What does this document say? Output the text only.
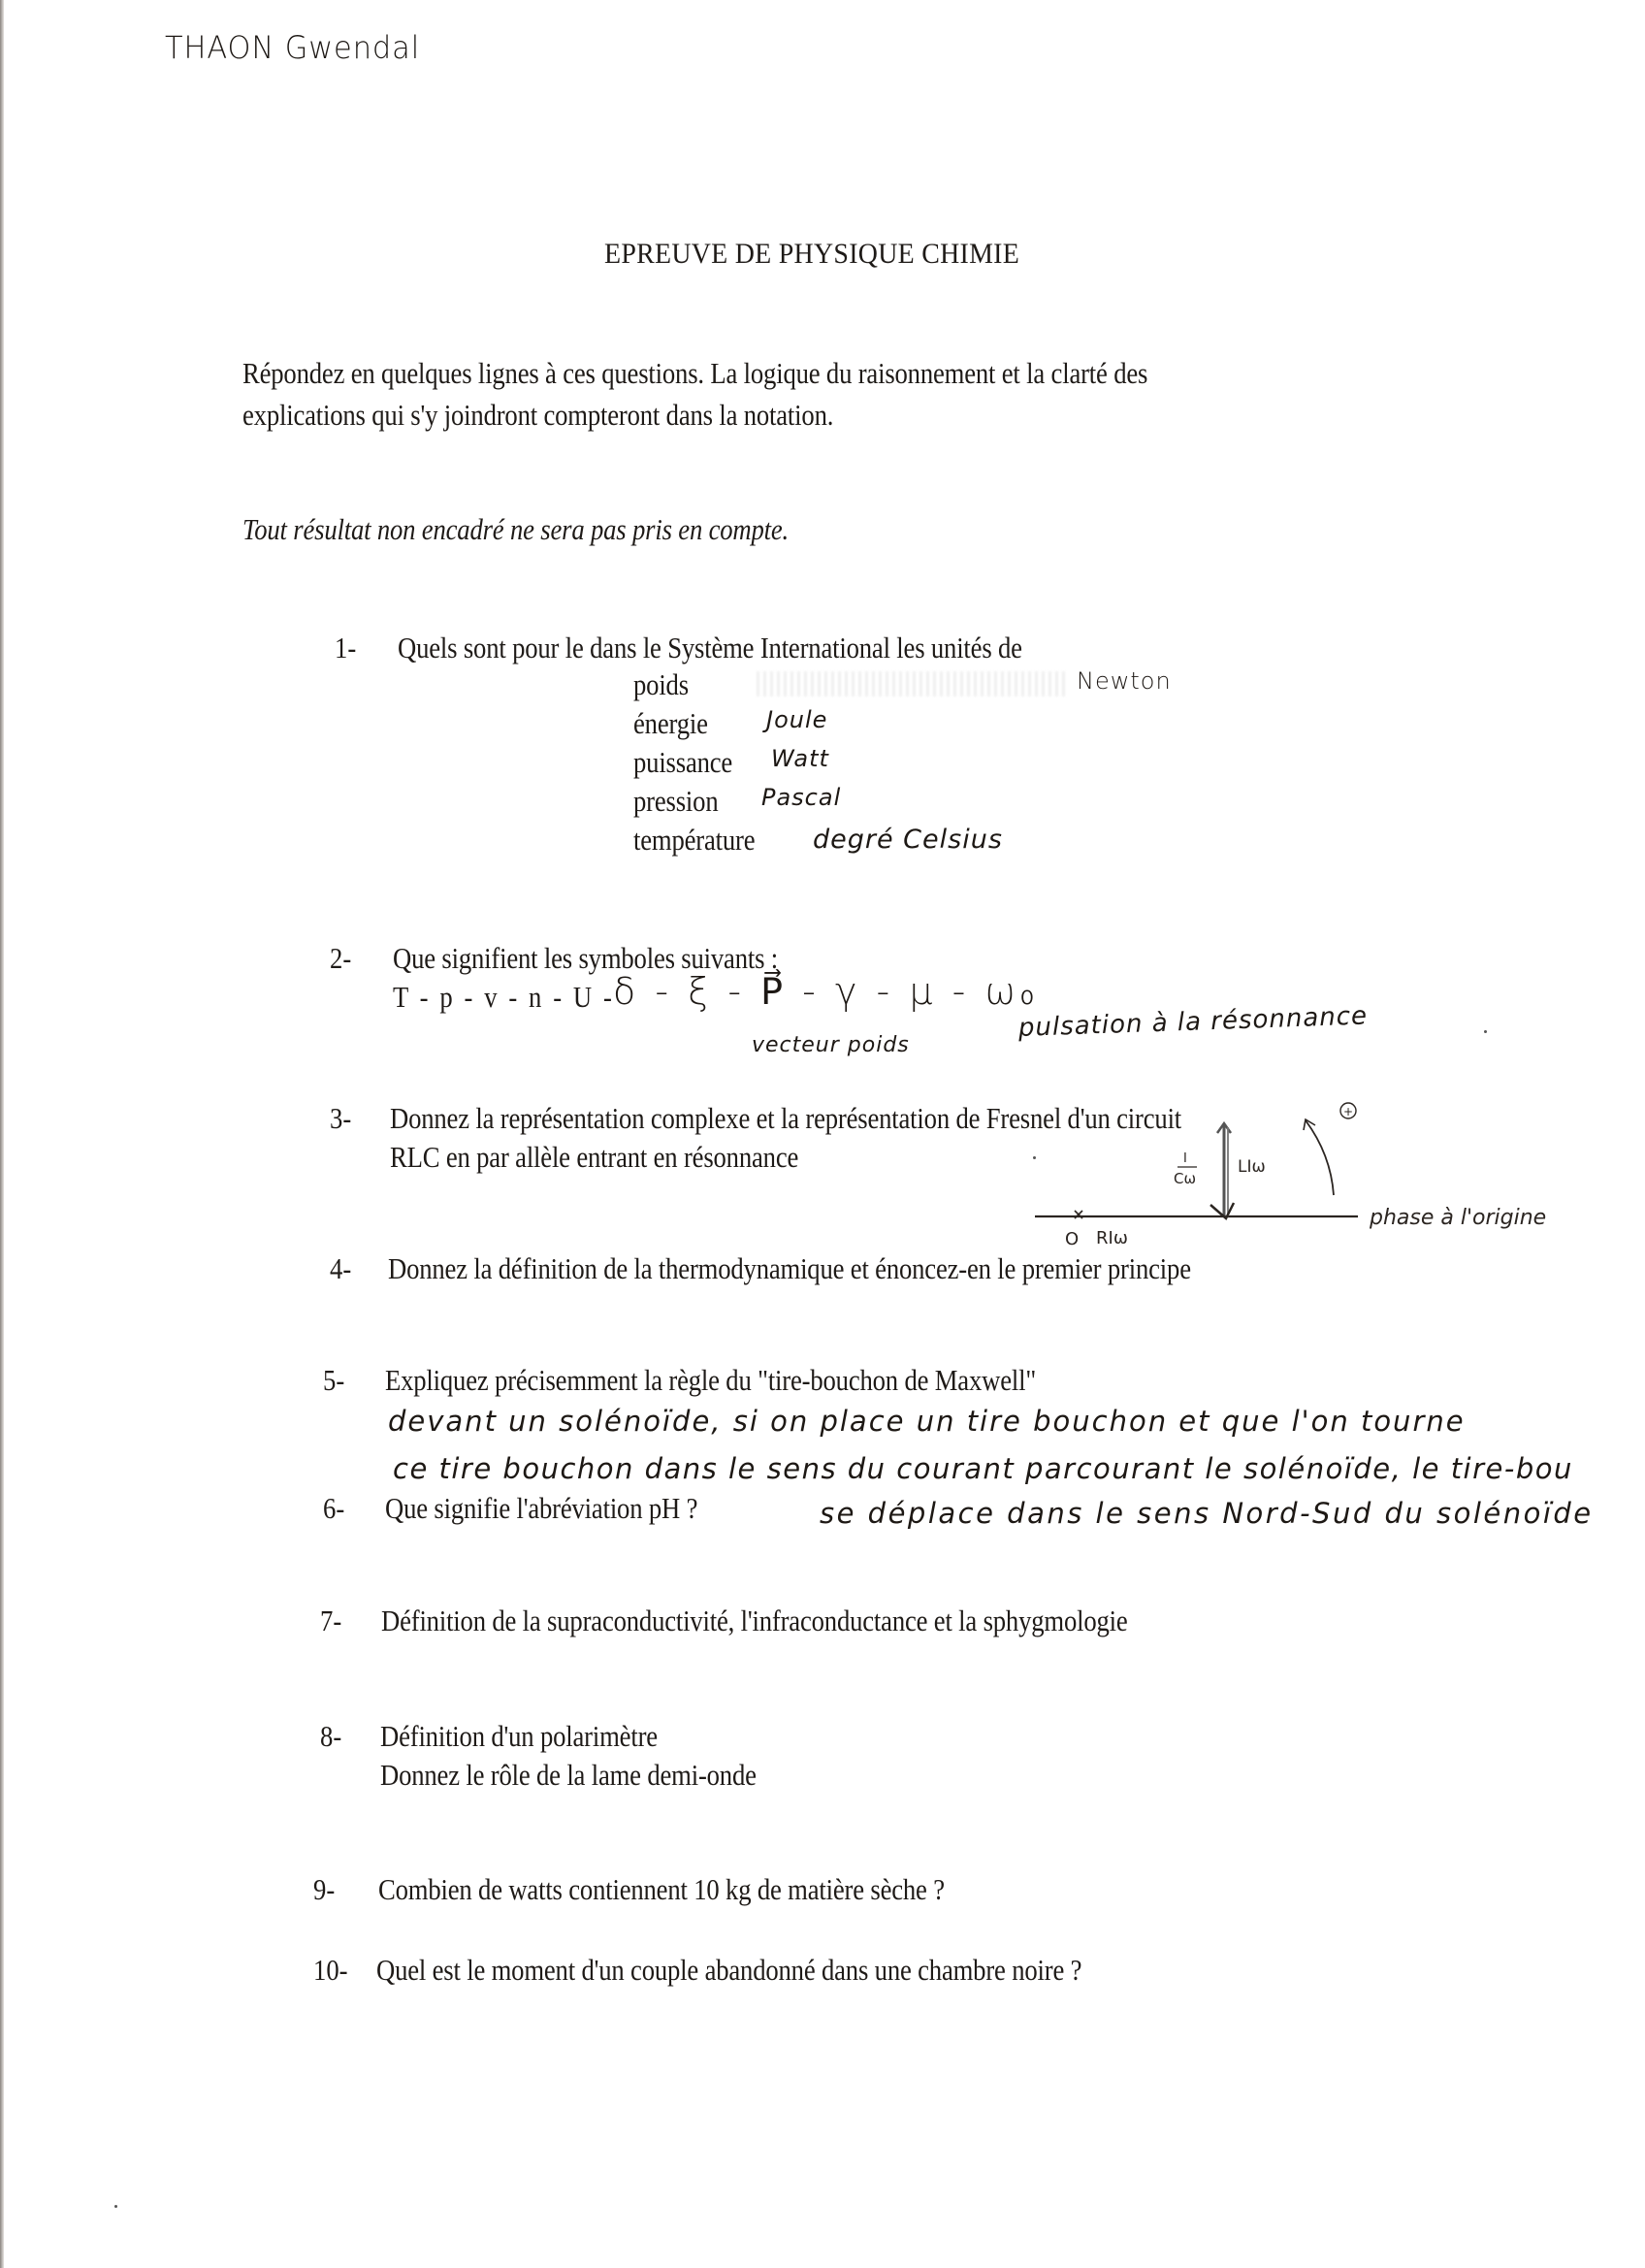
THAON Gwendal
EPREUVE DE PHYSIQUE CHIMIE
Répondez en quelques lignes à ces questions. La logique du raisonnement et la clarté des
explications qui s'y joindront compteront dans la notation.
Tout résultat non encadré ne sera pas pris en compte.
1- Quels sont pour le dans le Système International les unités de
poids	Newton
énergie	Joule
puissance Watt
pression Pascal
température degré Celsius
2- Que signifient les symboles suivants :
T - p - v - n - U -
δ - ξ - P⃗ - γ - μ - ω₀
vecteur poids
pulsation à la résonnance
3- Donnez la représentation complexe et la représentation de Fresnel d'un circuit
RLC en par allèle entrant en résonnance
+
O RIω
LIω
I
Cω
phase à l'origine
4- Donnez la définition de la thermodynamique et énoncez-en le premier principe
5- Expliquez précisemment la règle du "tire-bouchon de Maxwell"
devant un solénoïde, si on place un tire bouchon et que l'on tourne
ce tire bouchon dans le sens du courant parcourant le solénoïde, le tire-bou
se déplace dans le sens Nord-Sud du solénoïde
6- Que signifie l'abréviation pH ?
7- Définition de la supraconductivité, l'infraconductance et la sphygmologie
8- Définition d'un polarimètre
Donnez le rôle de la lame demi-onde
9- Combien de watts contiennent 10 kg de matière sèche ?
10- Quel est le moment d'un couple abandonné dans une chambre noire ?
